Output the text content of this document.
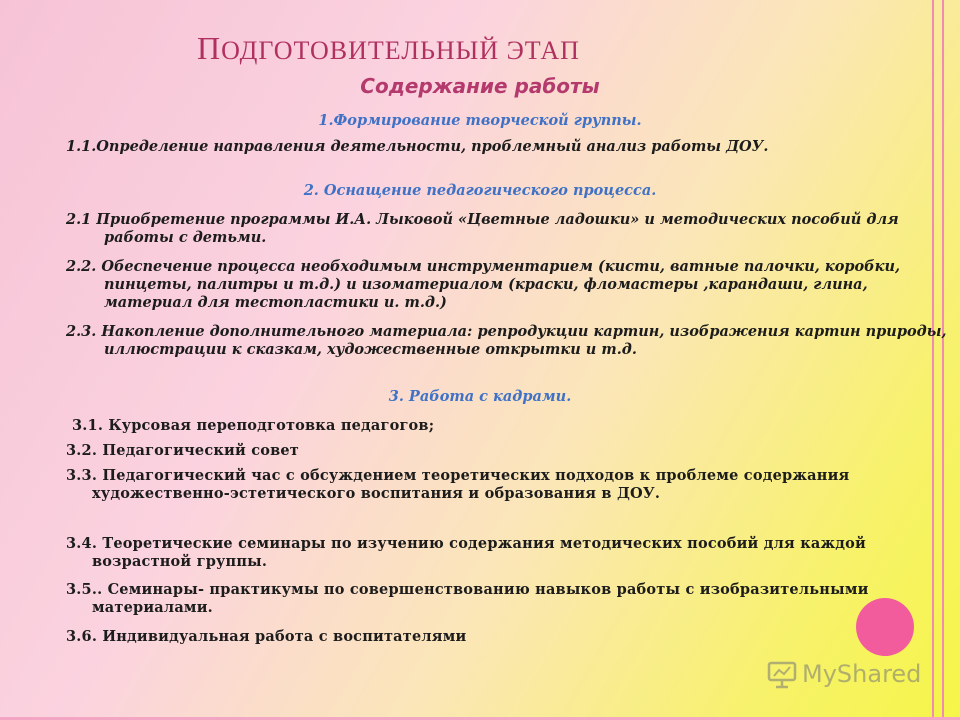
ПОДГОТОВИТЕЛЬНЫЙ ЭТАП
Содержание работы
1.Формирование творческой группы.
1.1.Определение направления деятельности, проблемный анализ работы ДОУ.
2. Оснащение педагогического процесса.
2.1 Приобретение программы И.А. Лыковой «Цветные ладошки» и методических пособий для работы с детьми.
2.2. Обеспечение процесса необходимым инструментарием (кисти, ватные палочки, коробки, пинцеты, палитры и т.д.) и изоматериалом (краски, фломастеры ,карандаши, глина, материал для тестопластики и. т.д.)
2.3. Накопление дополнительного материала: репродукции картин, изображения картин природы, иллюстрации к сказкам, художественные открытки и т.д.
3. Работа с кадрами.
3.1. Курсовая переподготовка педагогов;
3.2. Педагогический совет
3.3. Педагогический час с обсуждением теоретических подходов к проблеме содержания художественно-эстетического воспитания и образования в ДОУ.
3.4. Теоретические семинары по изучению содержания методических пособий для каждой возрастной группы.
3.5.. Семинары- практикумы по совершенствованию навыков работы с изобразительными материалами.
3.6. Индивидуальная работа с воспитателями
MyShared
